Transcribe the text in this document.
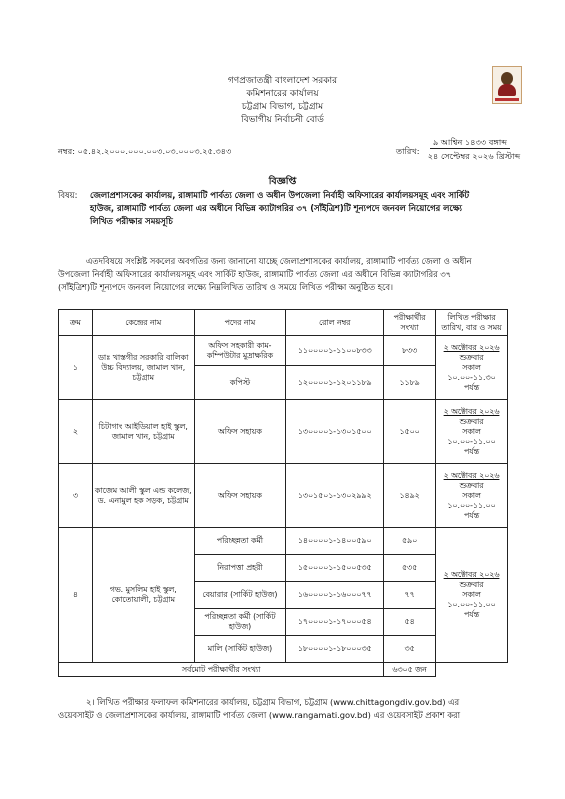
গণপ্রজাতন্ত্রী বাংলাদেশ সরকার
কমিশনারের কার্যালয়
চট্টগ্রাম বিভাগ, চট্টগ্রাম
বিভাগীয় নির্বাচনী বোর্ড
নম্বর: ০৫.৪২.২০০০.০০০.০০৩.০৩.০০০৩.২৫.৩৪৩	তারিখ:
৯ আশ্বিন ১৪৩৩ বঙ্গাব্দ
২৪ সেপ্টেম্বর ২০২৬ খ্রিস্টাব্দ
বিজ্ঞপ্তি
বিষয়: জেলাপ্রশাসকের কার্যালয়, রাঙ্গামাটি পার্বত্য জেলা ও অধীন উপজেলা নির্বাহী অফিসারের কার্যালয়সমূহ এবং সার্কিট
হাউজ, রাঙ্গামাটি পার্বত্য জেলা এর অধীনে বিভিন্ন ক্যাটাগরির ৩৭ (সাঁইত্রিশ)টি শূন্যপদে জনবল নিয়োগের লক্ষ্যে
লিখিত পরীক্ষার সময়সূচি
এতদবিষয়ে সংশ্লিষ্ট সকলের অবগতির জন্য জানানো যাচ্ছে জেলাপ্রশাসকের কার্যালয়, রাঙ্গামাটি পার্বত্য জেলা ও অধীন
উপজেলা নির্বাহী অফিসারের কার্যালয়সমূহ এবং সার্কিট হাউজ, রাঙ্গামাটি পার্বত্য জেলা এর অধীনে বিভিন্ন ক্যাটাগরির ৩৭
(সাঁইত্রিশ)টি শূন্যপদে জনবল নিয়োগের লক্ষ্যে নিম্নলিখিত তারিখ ও সময়ে লিখিত পরীক্ষা অনুষ্ঠিত হবে।
ক্রম	কেন্দ্রের নাম	পদের নাম	রোল নম্বর	পরীক্ষার্থীর সংখ্যা	লিখিত পরীক্ষার তারিখ, বার ও সময়
১	ডাঃ খাস্তগীর সরকারি বালিকা উচ্চ বিদ্যালয়, জামাল খান, চট্টগ্রাম	অফিস সহকারী কাম-কম্পিউটার মুদ্রাক্ষরিক	১১০০০০১-১১০০৮৩৩	৮৩৩	২ অক্টোবর ২০২৬
শুক্রবার
সকাল
১০.০০-১১.৩০
পর্যন্ত

		কপিস্ট	১২০০০০১-১২০১১৮৯	১১৮৯	
২	চিটাগাং আইডিয়াল হাই স্কুল, জামাল খান, চট্টগ্রাম	অফিস সহায়ক	১৩০০০০১-১৩০১৫০০	১৫০০	২ অক্টোবর ২০২৬
শুক্রবার
সকাল
১০.০০-১১.০০
পর্যন্ত

৩	কাজেম আলী স্কুল এন্ড কলেজ, ড. এনামুল হক সড়ক, চট্টগ্রাম	অফিস সহায়ক	১৩০১৫০১-১৩০২৯৯২	১৪৯২	২ অক্টোবর ২০২৬
শুক্রবার
সকাল
১০.০০-১১.০০
পর্যন্ত

৪	গভ. মুসলিম হাই স্কুল, কোতোয়ালী, চট্টগ্রাম	পরিচ্ছন্নতা কর্মী	১৪০০০০১-১৪০০৫৯০	৫৯০	২ অক্টোবর ২০২৬
শুক্রবার
সকাল
১০.০০-১১.০০
পর্যন্ত

		নিরাপত্তা প্রহরী	১৫০০০০১-১৫০০৫৩৫	৫৩৫	
		বেয়ারার (সার্কিট হাউজ)	১৬০০০০১-১৬০০০৭৭	৭৭	
		পরিচ্ছন্নতা কর্মী (সার্কিট হাউজ)	১৭০০০০১-১৭০০০৫৪	৫৪	
		মালি (সার্কিট হাউজ)	১৮০০০০১-১৮০০০৩৫	৩৫	
সর্বমোট পরীক্ষার্থীর সংখ্যা				৬৩০৫ জন	
২। লিখিত পরীক্ষার ফলাফল কমিশনারের কার্যালয়, চট্টগ্রাম বিভাগ, চট্টগ্রাম (www.chittagongdiv.gov.bd) এর
ওয়েবসাইট ও জেলাপ্রশাসকের কার্যালয়, রাঙ্গামাটি পার্বত্য জেলা (www.rangamati.gov.bd) এর ওয়েবসাইট প্রকাশ করা
